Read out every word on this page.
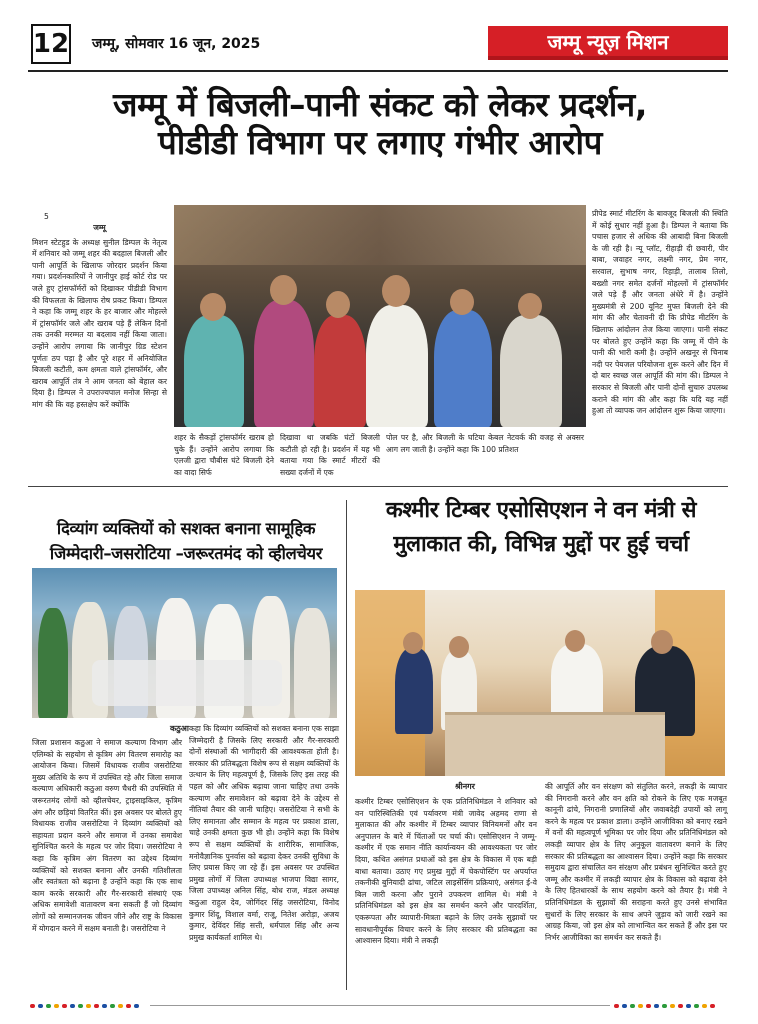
12 जम्मू, सोमवार 16 जून, 2025	जम्मू न्यूज़ मिशन
जम्मू में बिजली–पानी संकट को लेकर प्रदर्शन,
पीडीडी विभाग पर लगाए गंभीर आरोप
5
जम्मू
मिशन स्टेटहुड के अध्यक्ष सुनील डिम्पल के नेतृत्व में शनिवार को जम्मू शहर की बदहाल बिजली और पानी आपूर्ति के खिलाफ जोरदार प्रदर्शन किया गया। प्रदर्शनकारियों ने जानीपुर हाई कोर्ट रोड पर जले हुए ट्रांसफॉर्मरों को दिखाकर पीडीडी विभाग की विफलता के खिलाफ रोष प्रकट किया। डिम्पल ने कहा कि जम्मू शहर के हर बाजार और मोहल्ले में ट्रांसफॉर्मर जले और खराब पड़े हैं लेकिन दिनों तक उनकी मरम्मत या बदलाव नहीं किया जाता। उन्होंने आरोप लगाया कि जानीपुर ग्रिड स्टेशन पूर्णतः ठप पड़ा है और पूरे शहर में अनियोजित बिजली कटौती, कम क्षमता वाले ट्रांसफॉर्मर, और खराब आपूर्ति तंत्र ने आम जनता को बेहाल कर दिया है। डिम्पल ने उपराज्यपाल मनोज सिन्हा से मांग की कि वह हस्तक्षेप करें क्योंकि
शहर के सैकड़ों ट्रांसफॉर्मर खराब हो चुके हैं। उन्होंने आरोप लगाया कि एलजी द्वारा चौबीस घंटे बिजली देने का वादा सिर्फ
दिखावा था जबकि घंटों बिजली कटौती हो रही है। प्रदर्शन में यह भी बताया गया कि स्मार्ट मीटरों की सख्या दर्जनों में एक
पोल पर है, और बिजली के घटिया केबल नेटवर्क की वजह से अक्सर आग लग जाती है। उन्होंने कहा कि 100 प्रतिशत
प्रीपेड स्मार्ट मीटरिंग के बावजूद बिजली की स्थिति में कोई सुधार नहीं हुआ है। डिम्पल ने बताया कि पचास हजार से अधिक की आबादी बिना बिजली के जी रही है। न्यू प्लॉट, रीहाड़ी दी छवारी, पीर बाबा, जवाहर नगर, लक्ष्मी नगर, प्रेम नगर, सरवाल, सुभाष नगर, रिहाड़ी, तालाब तिलो, बख्शी नगर समेत दर्जनों मोहल्लों में ट्रांसफॉर्मर जले पड़े हैं और जनता अंधेरे में है। उन्होंने मुख्यमंत्री से 200 यूनिट मुफ्त बिजली देने की मांग की और चेतावनी दी कि प्रीपेड मीटरिंग के खिलाफ आंदोलन तेज किया जाएगा। पानी संकट पर बोलते हुए उन्होंने कहा कि जम्मू में पीने के पानी की भारी कमी है। उन्होंने अखनूर से चिनाब नदी पर पेयजल परियोजना शुरू करने और दिन में दो बार स्वच्छ जल आपूर्ति की मांग की। डिम्पल ने सरकार से बिजली और पानी दोनों सुचारु उपलब्ध कराने की मांग की और कहा कि यदि यह नहीं हुआ तो व्यापक जन आंदोलन शुरू किया जाएगा।
दिव्यांग व्यक्तियों को सशक्त बनाना सामूहिक
जिम्मेदारी–जसरोटिया –जरूरतमंद को व्हीलचेयर
कठुआ
जिला प्रशासन कठुआ ने समाज कल्याण विभाग और एलिम्को के सहयोग से कृत्रिम अंग वितरण समारोह का आयोजन किया। जिसमें विधायक राजीव जसरोटिया मुख्य अतिथि के रूप में उपस्थित रहे और जिला समाज कल्याण अधिकारी कठुआ वरुण चैधरी की उपस्थिति में जरूरतमंद लोगों को व्हीलचेयर, ट्राइसाइकिल, कृत्रिम अंग और छड़ियां वितरित कीं। इस अवसर पर बोलते हुए विधायक राजीव जसरोटिया ने दिव्यांग व्यक्तियों को सहायता प्रदान करने और समाज में उनका समावेश सुनिश्चित करने के महत्व पर जोर दिया। जसरोटिया ने कहा कि कृत्रिम अंग वितरण का उद्देश्य दिव्यांग व्यक्तियों को सशक्त बनाना और उनकी गतिशीलता और स्वतंत्रता को बढ़ाना है उन्होंने कहा कि एक साथ काम करके सरकारी और गैर-सरकारी संस्थाएं एक अधिक समावेशी वातावरण बना सकती हैं जो दिव्यांग लोगों को सम्मानजनक जीवन जीने और राष्ट्र के विकास में योगदान करने में सक्षम बनाती है। जसरोटिया ने
कहा कि दिव्यांग व्यक्तियों को सशक्त बनाना एक साझा जिम्मेदारी है जिसके लिए सरकारी और गैर-सरकारी दोनों संस्थाओं की भागीदारी की आवश्यकता होती है। सरकार की प्रतिबद्धता विशेष रूप से सक्षम व्यक्तियों के उत्थान के लिए महत्वपूर्ण है, जिसके लिए इस तरह की पहल को और अधिक बढ़ाया जाना चाहिए तथा उनके कल्याण और समावेशन को बढ़ावा देने के उद्देश्य से नीतियां तैयार की जानी चाहिए। जसरोटिया ने सभी के लिए समानता और सम्मान के महत्व पर प्रकाश डाला, चाहे उनकी क्षमता कुछ भी हो। उन्होंने कहा कि विशेष रूप से सक्षम व्यक्तियों के शारीरिक, सामाजिक, मनोवैज्ञानिक पुनर्वास को बढ़ावा देकर उनकी सुविधा के लिए प्रयास किए जा रहे हैं। इस अवसर पर उपस्थित प्रमुख लोगों में जिला उपाध्यक्ष भाजपा विद्या सागर, जिला उपाध्यक्ष अनिल सिंह, बोध राज, मंडल अध्यक्ष कठुआ राहुल देव, जोगिंदर सिंह जसरोटिया, विनोद कुमार शिंदू, विशाल वर्मा, राजू, नितेश अरोड़ा, अजय कुमार, देविंदर सिंह सत्ती, धर्मपाल सिंह और अन्य प्रमुख कार्यकर्ता शामिल थे।
कश्मीर टिम्बर एसोसिएशन ने वन मंत्री से
मुलाकात की, विभिन्न मुद्दों पर हुई चर्चा
श्रीनगर
कश्मीर टिम्बर एसोसिएशन के एक प्रतिनिधिमंडल ने शनिवार को वन पारिस्थितिकी एवं पर्यावरण मंत्री जावेद अहमद राणा से मुलाकात की और कश्मीर में टिम्बर व्यापार विनियमनों और वन अनुपालन के बारे में चिंताओं पर चर्चा की। एसोसिएशन ने जम्मू-कश्मीर में एक समान नीति कार्यान्वयन की आवश्यकता पर जोर दिया, कथित असंगत प्रथाओं को इस क्षेत्र के विकास में एक बड़ी बाधा बताया। उठाए गए प्रमुख मुद्दों में चेकपोस्टिंग पर अपर्याप्त तकनीकी बुनियादी ढांचा, जटिल लाइसेंसिंग प्रक्रियाएं, असंगत ई-वे बिल जारी करना और पुराने उपकरण शामिल थे। मंत्री ने प्रतिनिधिमंडल को इस क्षेत्र का समर्थन करने और पारदर्शिता, एकरूपता और व्यापारी-मित्रता बढ़ाने के लिए उनके सुझावों पर सावधानीपूर्वक विचार करने के लिए सरकार की प्रतिबद्धता का आश्वासन दिया। मंत्री ने लकड़ी
की आपूर्ति और वन संरक्षण को संतुलित करने, लकड़ी के व्यापार की निगरानी करने और वन क्षति को रोकने के लिए एक मजबूत कानूनी ढांचे, निगरानी प्रणालियों और जवाबदेही उपायों को लागू करने के महत्व पर प्रकाश डाला। उन्होंने आजीविका को बनाए रखने में वनों की महत्वपूर्ण भूमिका पर जोर दिया और प्रतिनिधिमंडल को लकड़ी व्यापार क्षेत्र के लिए अनुकूल वातावरण बनाने के लिए सरकार की प्रतिबद्धता का आश्वासन दिया। उन्होंने कहा कि सरकार समुदाय द्वारा संचालित वन संरक्षण और प्रबंधन सुनिश्चित करते हुए जम्मू और कश्मीर में लकड़ी व्यापार क्षेत्र के विकास को बढ़ावा देने के लिए हितधारकों के साथ सहयोग करने को तैयार है। मंत्री ने प्रतिनिधिमंडल के सुझावों की सराहना करते हुए उनसे संभावित सुधारों के लिए सरकार के साथ अपने जुड़ाव को जारी रखने का आग्रह किया, जो इस क्षेत्र को लाभान्वित कर सकते हैं और इस पर निर्भर आजीविका का समर्थन कर सकते हैं।
